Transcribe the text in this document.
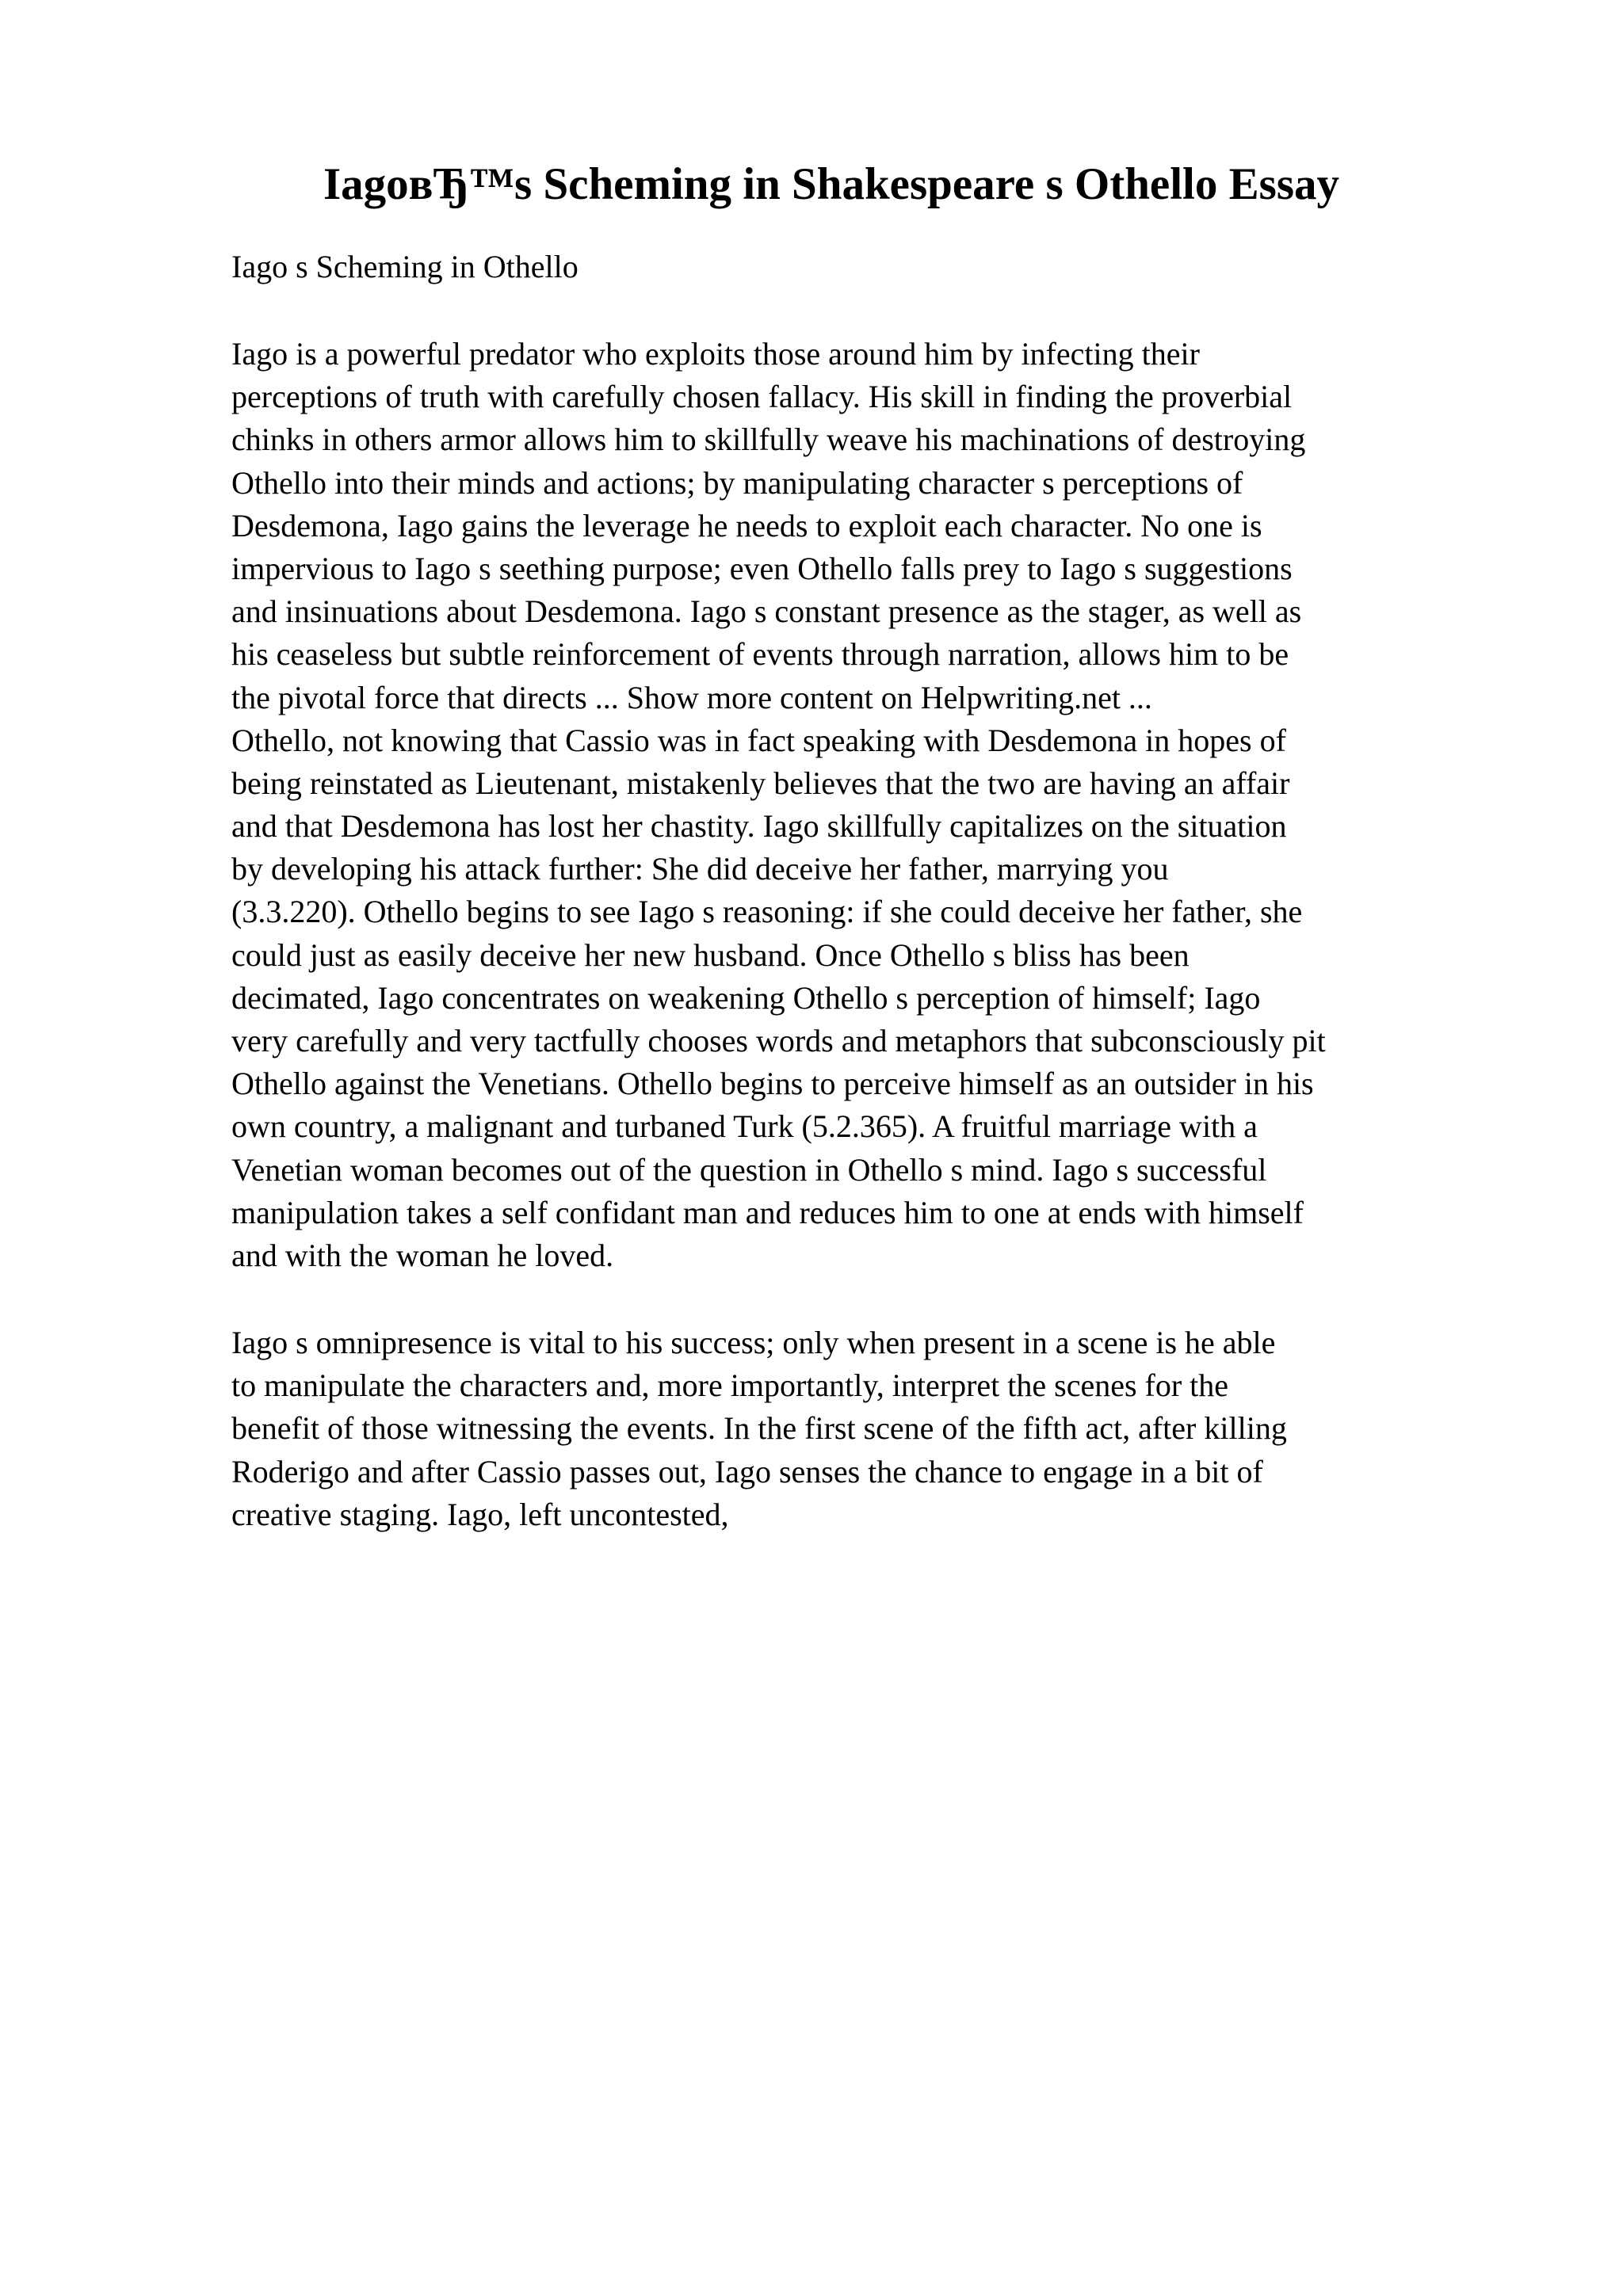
IagoвЂ™s Scheming in Shakespeare s Othello Essay
Iago s Scheming in Othello
Iago is a powerful predator who exploits those around him by infecting their
perceptions of truth with carefully chosen fallacy. His skill in finding the proverbial
chinks in others armor allows him to skillfully weave his machinations of destroying
Othello into their minds and actions; by manipulating character s perceptions of
Desdemona, Iago gains the leverage he needs to exploit each character. No one is
impervious to Iago s seething purpose; even Othello falls prey to Iago s suggestions
and insinuations about Desdemona. Iago s constant presence as the stager, as well as
his ceaseless but subtle reinforcement of events through narration, allows him to be
the pivotal force that directs ... Show more content on Helpwriting.net ...
Othello, not knowing that Cassio was in fact speaking with Desdemona in hopes of
being reinstated as Lieutenant, mistakenly believes that the two are having an affair
and that Desdemona has lost her chastity. Iago skillfully capitalizes on the situation
by developing his attack further: She did deceive her father, marrying you
(3.3.220). Othello begins to see Iago s reasoning: if she could deceive her father, she
could just as easily deceive her new husband. Once Othello s bliss has been
decimated, Iago concentrates on weakening Othello s perception of himself; Iago
very carefully and very tactfully chooses words and metaphors that subconsciously pit
Othello against the Venetians. Othello begins to perceive himself as an outsider in his
own country, a malignant and turbaned Turk (5.2.365). A fruitful marriage with a
Venetian woman becomes out of the question in Othello s mind. Iago s successful
manipulation takes a self confidant man and reduces him to one at ends with himself
and with the woman he loved.
Iago s omnipresence is vital to his success; only when present in a scene is he able
to manipulate the characters and, more importantly, interpret the scenes for the
benefit of those witnessing the events. In the first scene of the fifth act, after killing
Roderigo and after Cassio passes out, Iago senses the chance to engage in a bit of
creative staging. Iago, left uncontested,
